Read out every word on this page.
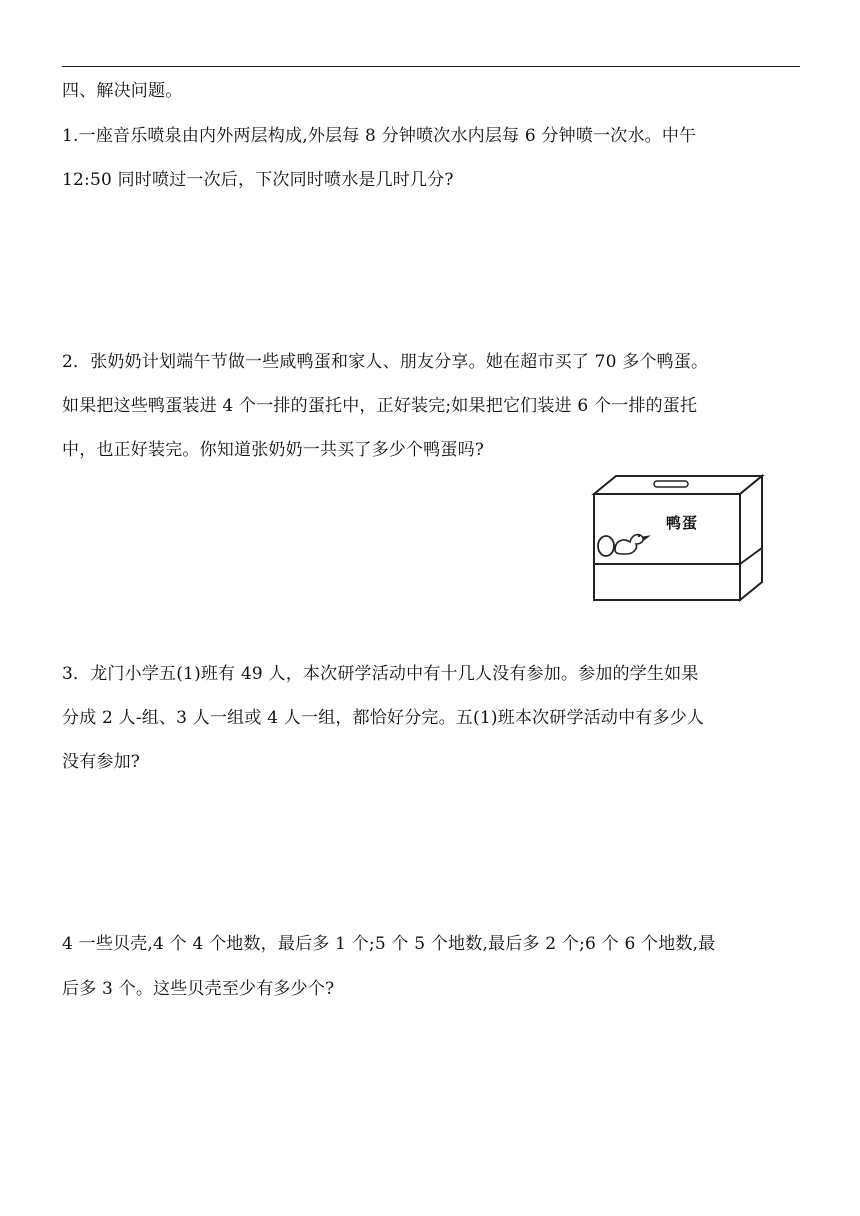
四、解决问题。
1.一座音乐喷泉由内外两层构成,外层每 8 分钟喷次水内层每 6 分钟喷一次水。中午
12:50 同时喷过一次后，下次同时喷水是几时几分?
2．张奶奶计划端午节做一些咸鸭蛋和家人、朋友分享。她在超市买了 70 多个鸭蛋。
如果把这些鸭蛋装进 4 个一排的蛋托中，正好装完;如果把它们装进 6 个一排的蛋托
中，也正好装完。你知道张奶奶一共买了多少个鸭蛋吗?
鸭蛋
3．龙门小学五(1)班有 49 人，本次研学活动中有十几人没有参加。参加的学生如果
分成 2 人-组、3 人一组或 4 人一组，都恰好分完。五(1)班本次研学活动中有多少人
没有参加?
4 一些贝壳,4 个 4 个地数，最后多 1 个;5 个 5 个地数,最后多 2 个;6 个 6 个地数,最
后多 3 个。这些贝壳至少有多少个?
